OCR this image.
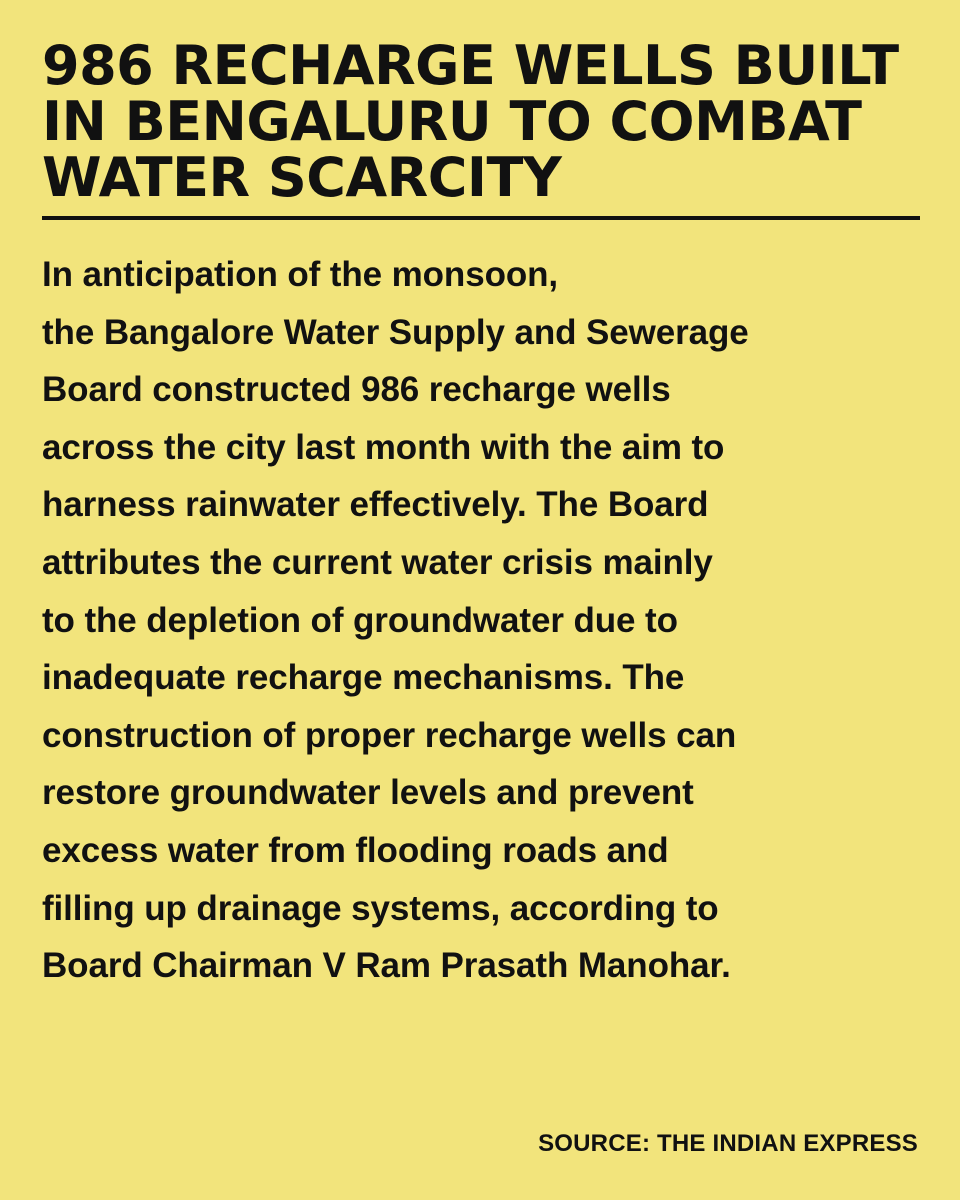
986 RECHARGE WELLS BUILT
IN BENGALURU TO COMBAT
WATER SCARCITY

In anticipation of the monsoon,
the Bangalore Water Supply and Sewerage
Board constructed 986 recharge wells
across the city last month with the aim to
harness rainwater effectively. The Board
attributes the current water crisis mainly
to the depletion of groundwater due to
inadequate recharge mechanisms. The
construction of proper recharge wells can
restore groundwater levels and prevent
excess water from flooding roads and
filling up drainage systems, according to
Board Chairman V Ram Prasath Manohar.

SOURCE: THE INDIAN EXPRESS
